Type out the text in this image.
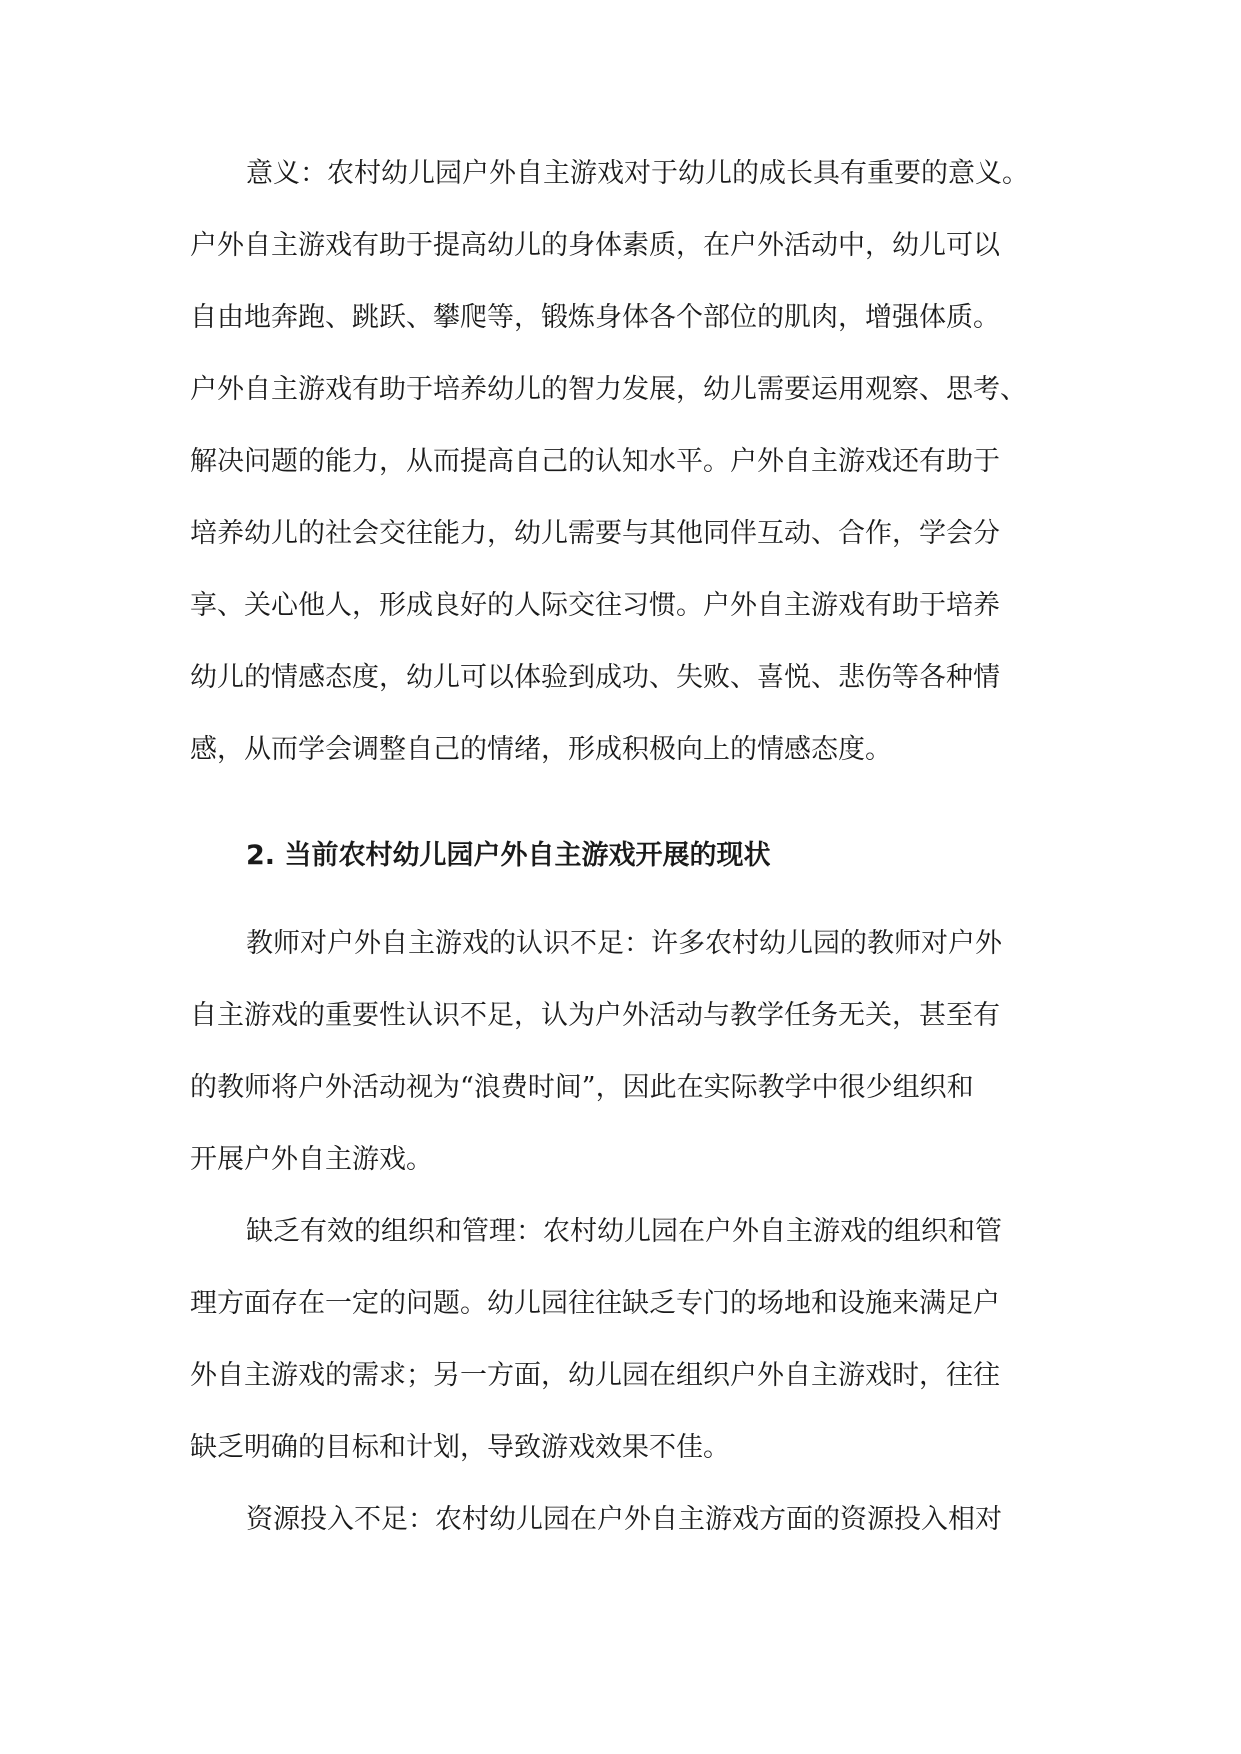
意义：农村幼儿园户外自主游戏对于幼儿的成长具有重要的意义。
户外自主游戏有助于提高幼儿的身体素质，在户外活动中，幼儿可以
自由地奔跑、跳跃、攀爬等，锻炼身体各个部位的肌肉，增强体质。
户外自主游戏有助于培养幼儿的智力发展，幼儿需要运用观察、思考、
解决问题的能力，从而提高自己的认知水平。户外自主游戏还有助于
培养幼儿的社会交往能力，幼儿需要与其他同伴互动、合作，学会分
享、关心他人，形成良好的人际交往习惯。户外自主游戏有助于培养
幼儿的情感态度，幼儿可以体验到成功、失败、喜悦、悲伤等各种情
感，从而学会调整自己的情绪，形成积极向上的情感态度。
2. 当前农村幼儿园户外自主游戏开展的现状
教师对户外自主游戏的认识不足：许多农村幼儿园的教师对户外
自主游戏的重要性认识不足，认为户外活动与教学任务无关，甚至有
的教师将户外活动视为“浪费时间”，因此在实际教学中很少组织和
开展户外自主游戏。
缺乏有效的组织和管理：农村幼儿园在户外自主游戏的组织和管
理方面存在一定的问题。幼儿园往往缺乏专门的场地和设施来满足户
外自主游戏的需求；另一方面，幼儿园在组织户外自主游戏时，往往
缺乏明确的目标和计划，导致游戏效果不佳。
资源投入不足：农村幼儿园在户外自主游戏方面的资源投入相对
